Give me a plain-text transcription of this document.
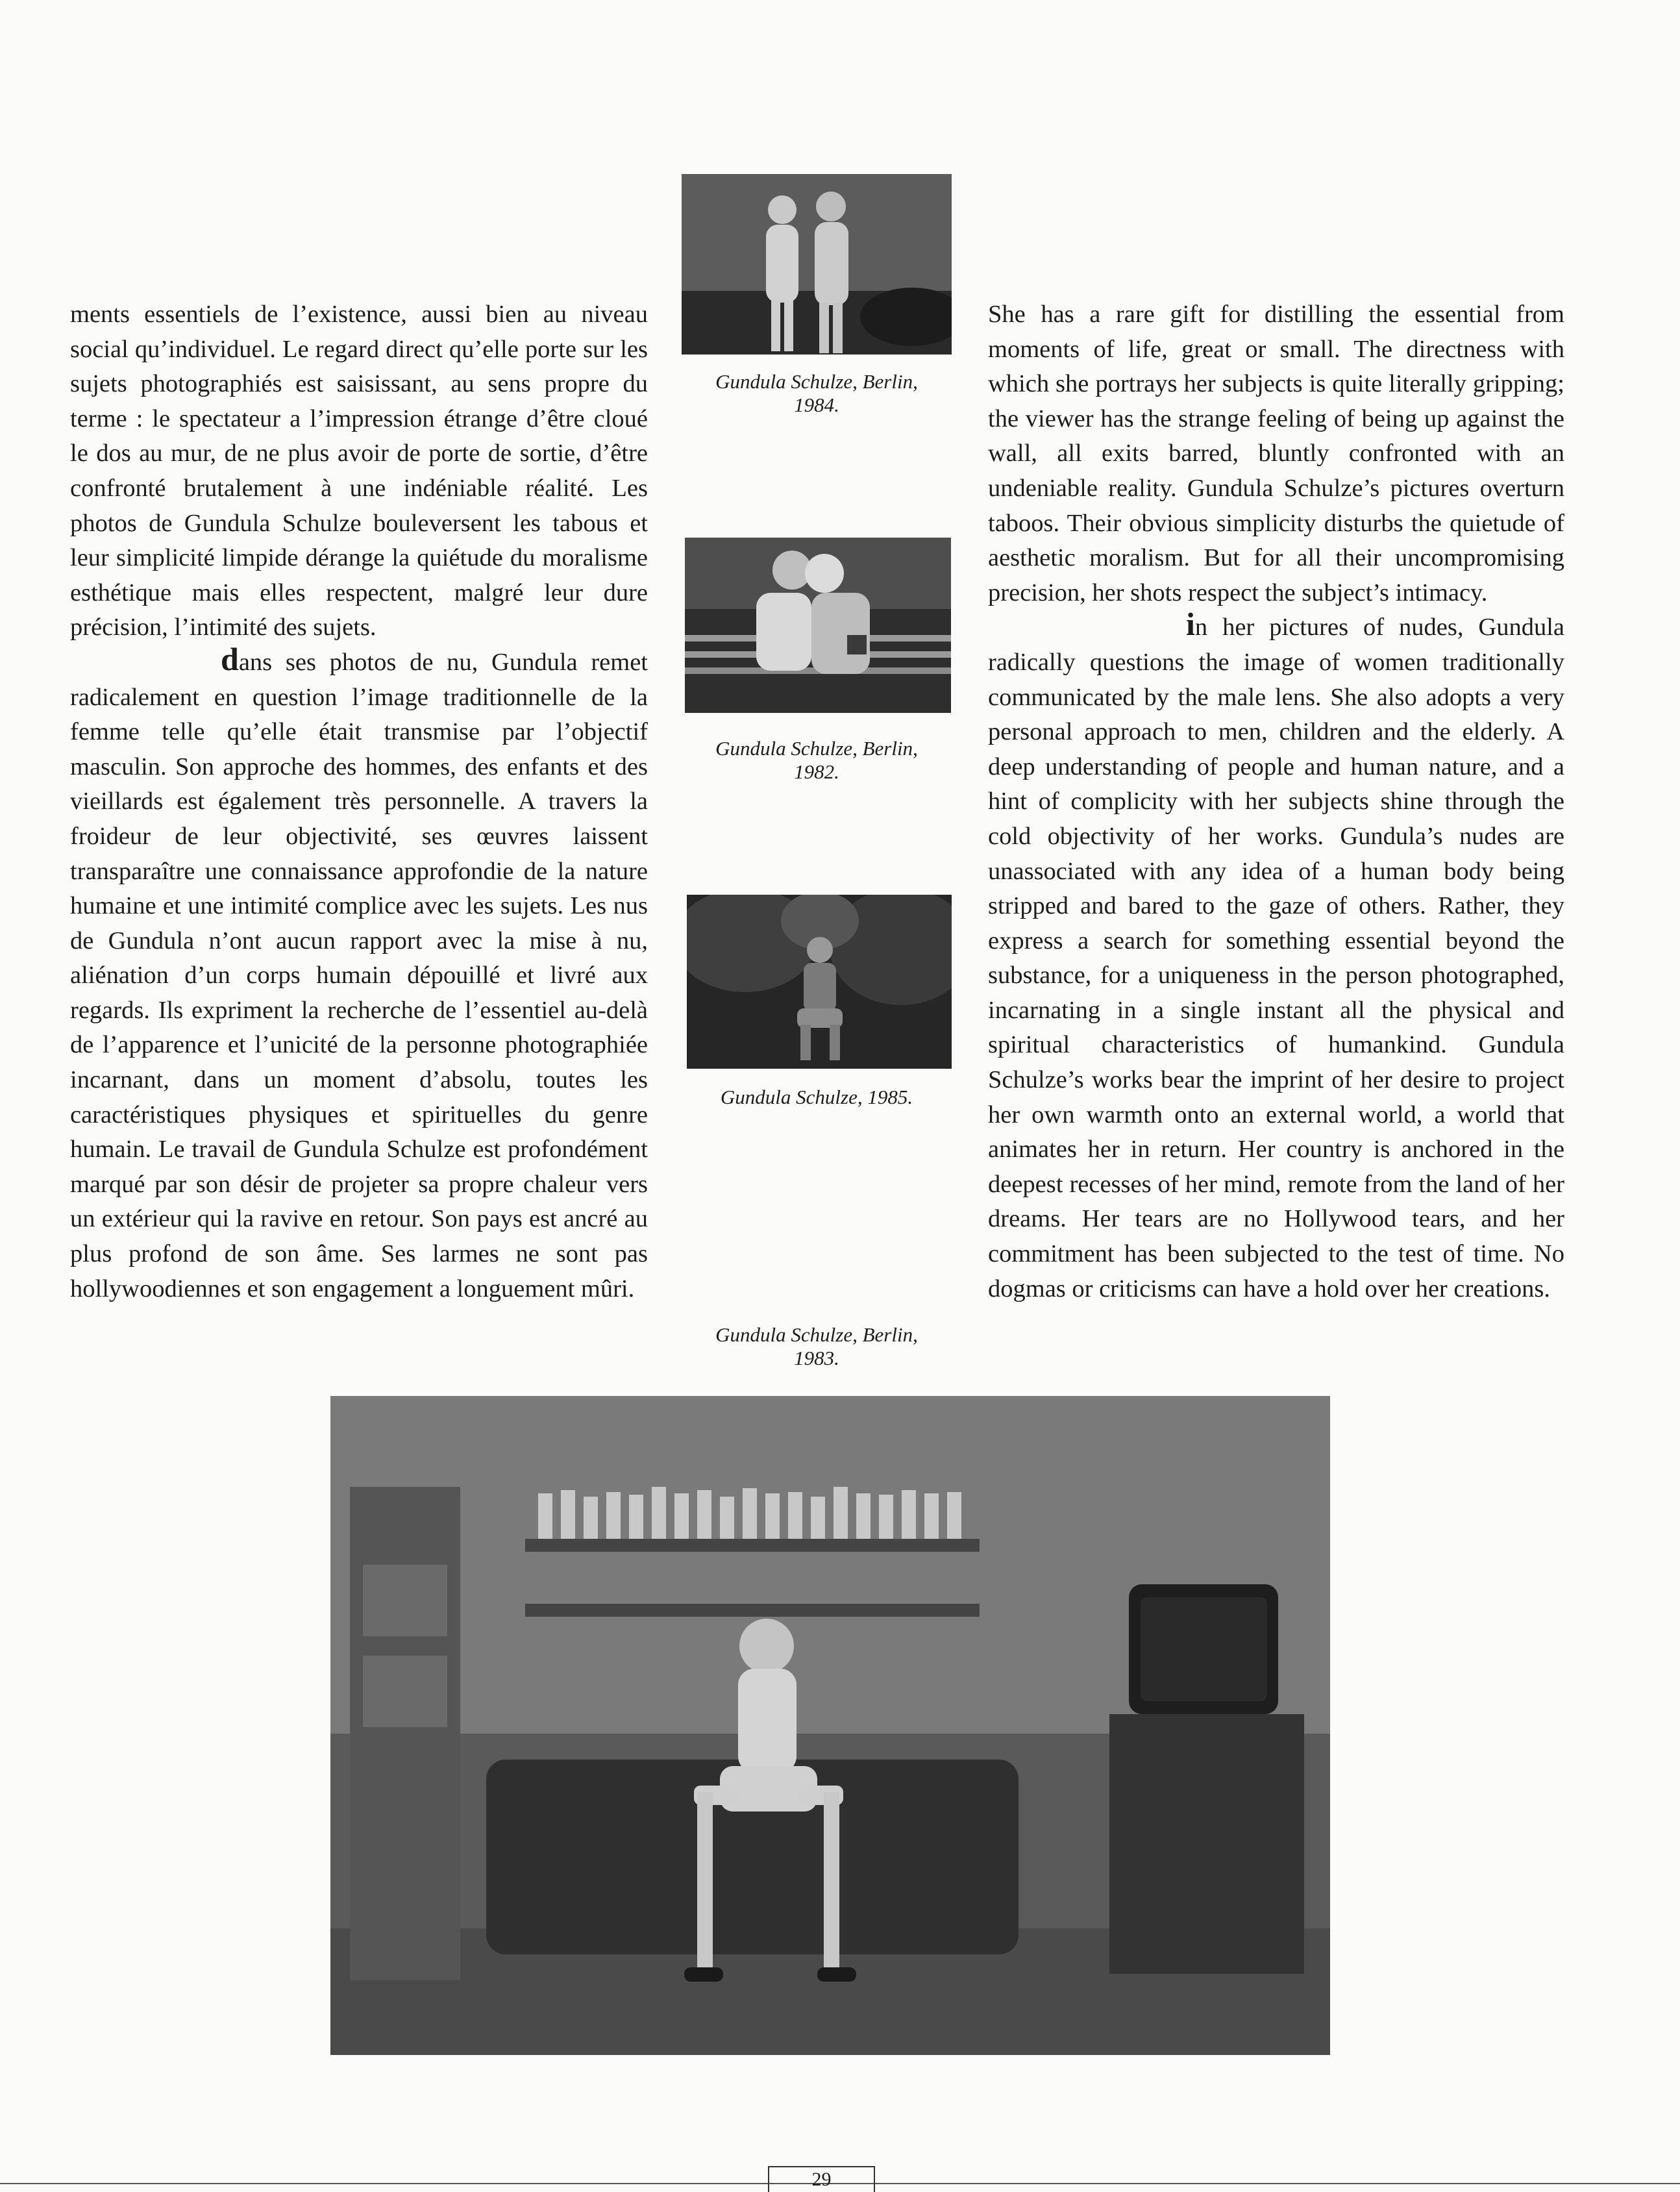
ments essentiels de l’existence, aussi bien au niveau social qu’individuel. Le regard direct qu’elle porte sur les sujets photographiés est saisissant, au sens propre du terme : le spectateur a l’impression étrange d’être cloué le dos au mur, de ne plus avoir de porte de sortie, d’être confronté brutalement à une indéniable réalité. Les photos de Gundula Schulze bouleversent les tabous et leur simplicité limpide dérange la quiétude du moralisme esthétique mais elles respectent, malgré leur dure précision, l’intimité des sujets.

dans ses photos de nu, Gundula remet radicalement en question l’image traditionnelle de la femme telle qu’elle était transmise par l’objectif masculin. Son approche des hommes, des enfants et des vieillards est également très personnelle. A travers la froideur de leur objectivité, ses œuvres laissent transparaître une connaissance approfondie de la nature humaine et une intimité complice avec les sujets. Les nus de Gundula n’ont aucun rapport avec la mise à nu, aliénation d’un corps humain dépouillé et livré aux regards. Ils expriment la recherche de l’essentiel au-delà de l’apparence et l’unicité de la personne photographiée incarnant, dans un moment d’absolu, toutes les caractéristiques physiques et spirituelles du genre humain. Le travail de Gundula Schulze est profondément marqué par son désir de projeter sa propre chaleur vers un extérieur qui la ravive en retour. Son pays est ancré au plus profond de son âme. Ses larmes ne sont pas hollywoodiennes et son engagement a longuement mûri.

Gundula Schulze, Berlin, 1984.
Gundula Schulze, Berlin, 1982.
Gundula Schulze, 1985.
Gundula Schulze, Berlin, 1983.

She has a rare gift for distilling the essential from moments of life, great or small. The directness with which she portrays her subjects is quite literally gripping; the viewer has the strange feeling of being up against the wall, all exits barred, bluntly confronted with an undeniable reality. Gundula Schulze’s pictures overturn taboos. Their obvious simplicity disturbs the quietude of aesthetic moralism. But for all their uncompromising precision, her shots respect the subject’s intimacy.

in her pictures of nudes, Gundula radically questions the image of women traditionally communicated by the male lens. She also adopts a very personal approach to men, children and the elderly. A deep understanding of people and human nature, and a hint of complicity with her subjects shine through the cold objectivity of her works. Gundula’s nudes are unassociated with any idea of a human body being stripped and bared to the gaze of others. Rather, they express a search for something essential beyond the substance, for a uniqueness in the person photographed, incarnating in a single instant all the physical and spiritual characteristics of humankind. Gundula Schulze’s works bear the imprint of her desire to project her own warmth onto an external world, a world that animates her in return. Her country is anchored in the deepest recesses of her mind, remote from the land of her dreams. Her tears are no Hollywood tears, and her commitment has been subjected to the test of time. No dogmas or criticisms can have a hold over her creations.

29
